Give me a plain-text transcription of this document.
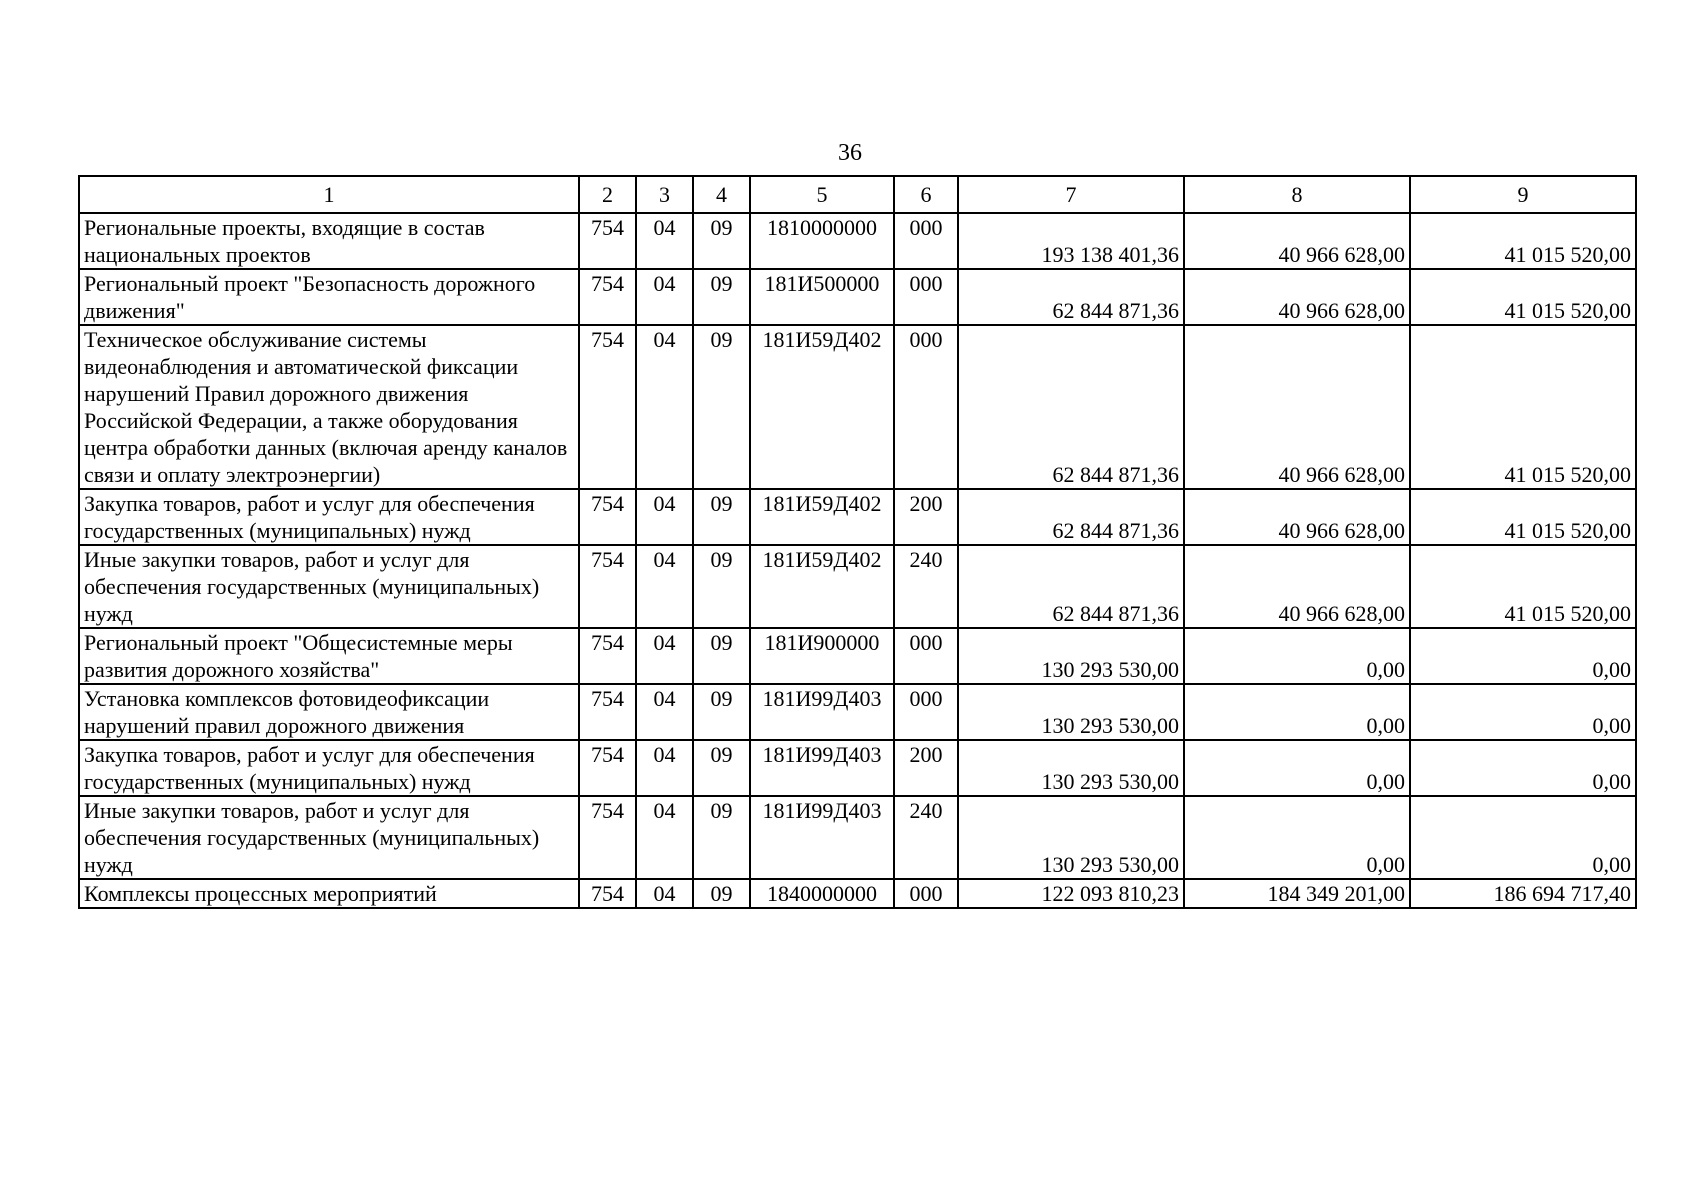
36
1	2	3	4	5	6	7	8	9
Региональные проекты, входящие в состав национальных проектов	754	04	09	1810000000	000	193 138 401,36	40 966 628,00	41 015 520,00
Региональный проект "Безопасность дорожного движения"	754	04	09	181И500000	000	62 844 871,36	40 966 628,00	41 015 520,00
Техническое обслуживание системы видеонаблюдения и автоматической фиксации нарушений Правил дорожного движения Российской Федерации, а также оборудования центра обработки данных (включая аренду каналов связи и оплату электроэнергии)	754	04	09	181И59Д402	000	62 844 871,36	40 966 628,00	41 015 520,00
Закупка товаров, работ и услуг для обеспечения государственных (муниципальных) нужд	754	04	09	181И59Д402	200	62 844 871,36	40 966 628,00	41 015 520,00
Иные закупки товаров, работ и услуг для обеспечения государственных (муниципальных) нужд	754	04	09	181И59Д402	240	62 844 871,36	40 966 628,00	41 015 520,00
Региональный проект "Общесистемные меры развития дорожного хозяйства"	754	04	09	181И900000	000	130 293 530,00	0,00	0,00
Установка комплексов фотовидеофиксации нарушений правил дорожного движения	754	04	09	181И99Д403	000	130 293 530,00	0,00	0,00
Закупка товаров, работ и услуг для обеспечения государственных (муниципальных) нужд	754	04	09	181И99Д403	200	130 293 530,00	0,00	0,00
Иные закупки товаров, работ и услуг для обеспечения государственных (муниципальных) нужд	754	04	09	181И99Д403	240	130 293 530,00	0,00	0,00
Комплексы процессных мероприятий	754	04	09	1840000000	000	122 093 810,23	184 349 201,00	186 694 717,40
